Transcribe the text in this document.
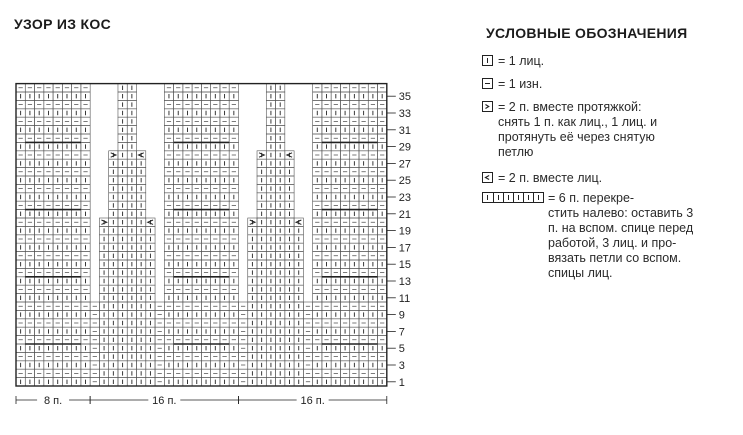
УЗОР ИЗ КОС
УСЛОВНЫЕ ОБОЗНАЧЕНИЯ
35
33
31
29
27
25
23
21
19
17
15
13
11
9
7
5
3
1
8 п.	16 п.	16 п.
= 1 лиц.
= 1 изн.
= 2 п. вместе протяжкой:
снять 1 п. как лиц., 1 лиц. и
протянуть её через снятую
петлю
= 2 п. вместе лиц.
= 6 п. перекре-
стить налево: оставить 3
п. на вспом. спице перед
работой, 3 лиц. и про-
вязать петли со вспом.
спицы лиц.
